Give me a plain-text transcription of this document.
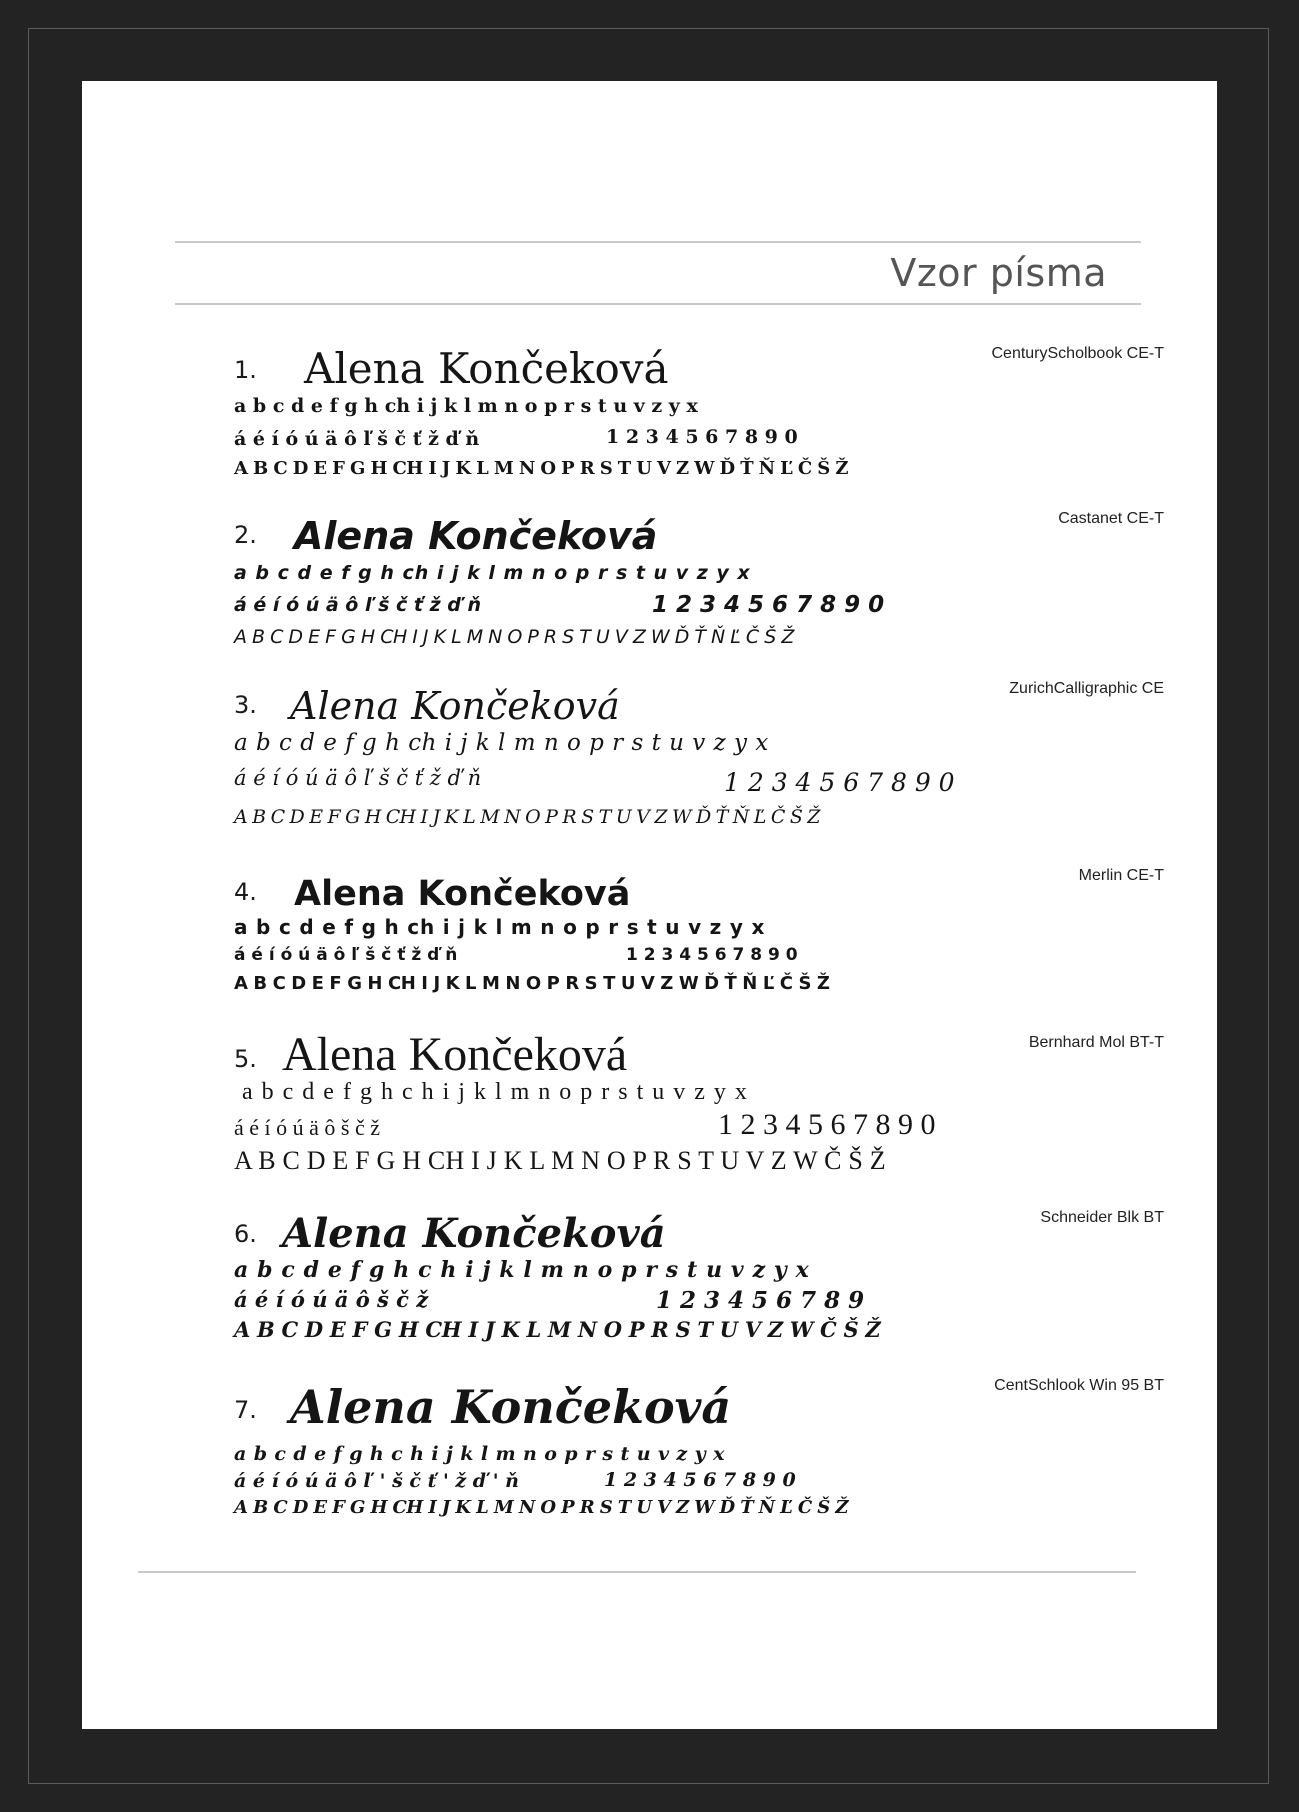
Vzor písma
1. Alena Končeková	CenturyScholbook CE-T
a b c d e f g h ch i j k l m n o p r s t u v z y x
á é í ó ú ä ô ľ š č ť ž ď ň	1 2 3 4 5 6 7 8 9 0
A B C D E F G H CH I J K L M N O P R S T U V Z W Ď Ť Ň Ľ Č Š Ž
2. Alena Končeková	Castanet CE-T
a b c d e f g h ch i j k l m n o p r s t u v z y x
á é í ó ú ä ô ľ š č ť ž ď ň	1 2 3 4 5 6 7 8 9 0
A B C D E F G H CH I J K L M N O P R S T U V Z W Ď Ť Ň Ľ Č Š Ž
3. Alena Končeková	ZurichCalligraphic CE
a b c d e f g h ch i j k l m n o p r s t u v z y x
á é í ó ú ä ô ľ š č ť ž ď ň	1 2 3 4 5 6 7 8 9 0
A B C D E F G H CH I J K L M N O P R S T U V Z W Ď Ť Ň Ľ Č Š Ž
4. Alena Končeková	Merlin CE-T
a b c d e f g h ch i j k l m n o p r s t u v z y x
á é í ó ú ä ô ľ š č ť ž ď ň	1 2 3 4 5 6 7 8 9 0
A B C D E F G H CH I J K L M N O P R S T U V Z W Ď Ť Ň Ľ Č Š Ž
5. Alena Končeková	Bernhard Mol BT-T
a b c d e f g h c h i j k l m n o p r s t u v z y x
á é í ó ú ä ô š č ž	1 2 3 4 5 6 7 8 9 0
A B C D E F G H CH I J K L M N O P R S T U V Z W Č Š Ž
6. Alena Končeková	Schneider Blk BT
a b c d e f g h c h i j k l m n o p r s t u v z y x
á é í ó ú ä ô š č ž	1 2 3 4 5 6 7 8 9
A B C D E F G H CH I J K L M N O P R S T U V Z W Č Š Ž
7. Alena Končeková	CentSchlook Win 95 BT
a b c d e f g h c h i j k l m n o p r s t u v z y x
á é í ó ú ä ô ľ ' š č ť ' ž ď ' ň	1 2 3 4 5 6 7 8 9 0
A B C D E F G H CH I J K L M N O P R S T U V Z W Ď Ť Ň Ľ Č Š Ž
